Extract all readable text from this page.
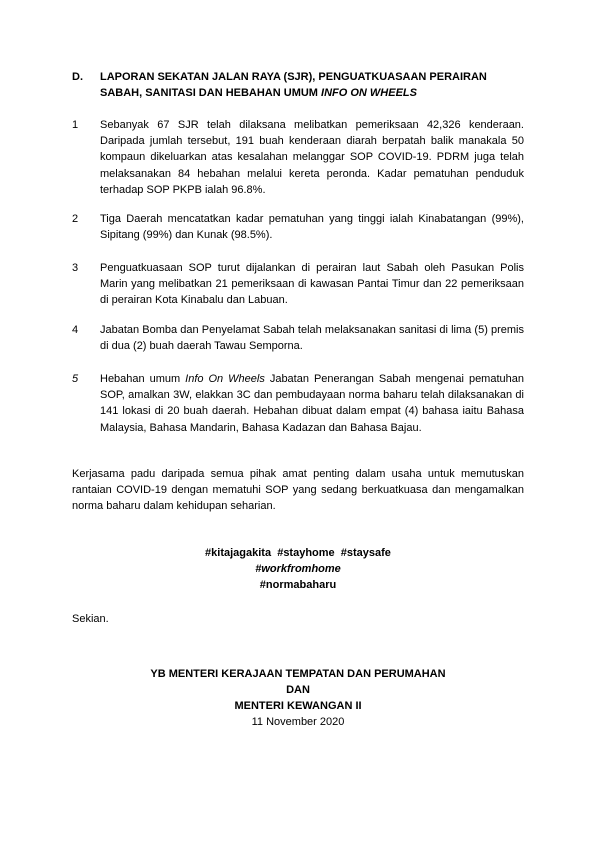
D. LAPORAN SEKATAN JALAN RAYA (SJR), PENGUATKUASAAN PERAIRAN SABAH, SANITASI DAN HEBAHAN UMUM INFO ON WHEELS
1 Sebanyak 67 SJR telah dilaksana melibatkan pemeriksaan 42,326 kenderaan. Daripada jumlah tersebut, 191 buah kenderaan diarah berpatah balik manakala 50 kompaun dikeluarkan atas kesalahan melanggar SOP COVID-19. PDRM juga telah melaksanakan 84 hebahan melalui kereta peronda. Kadar pematuhan penduduk terhadap SOP PKPB ialah 96.8%.
2 Tiga Daerah mencatatkan kadar pematuhan yang tinggi ialah Kinabatangan (99%), Sipitang (99%) dan Kunak (98.5%).
3 Penguatkuasaan SOP turut dijalankan di perairan laut Sabah oleh Pasukan Polis Marin yang melibatkan 21 pemeriksaan di kawasan Pantai Timur dan 22 pemeriksaan di perairan Kota Kinabalu dan Labuan.
4 Jabatan Bomba dan Penyelamat Sabah telah melaksanakan sanitasi di lima (5) premis di dua (2) buah daerah Tawau Semporna.
5 Hebahan umum Info On Wheels Jabatan Penerangan Sabah mengenai pematuhan SOP, amalkan 3W, elakkan 3C dan pembudayaan norma baharu telah dilaksanakan di 141 lokasi di 20 buah daerah. Hebahan dibuat dalam empat (4) bahasa iaitu Bahasa Malaysia, Bahasa Mandarin, Bahasa Kadazan dan Bahasa Bajau.
Kerjasama padu daripada semua pihak amat penting dalam usaha untuk memutuskan rantaian COVID-19 dengan mematuhi SOP yang sedang berkuatkuasa dan mengamalkan norma baharu dalam kehidupan seharian.
#kitajagakita  #stayhome  #staysafe
#workfromhome
#normabaharu
Sekian.
YB MENTERI KERAJAAN TEMPATAN DAN PERUMAHAN
DAN
MENTERI KEWANGAN II
11 November 2020
